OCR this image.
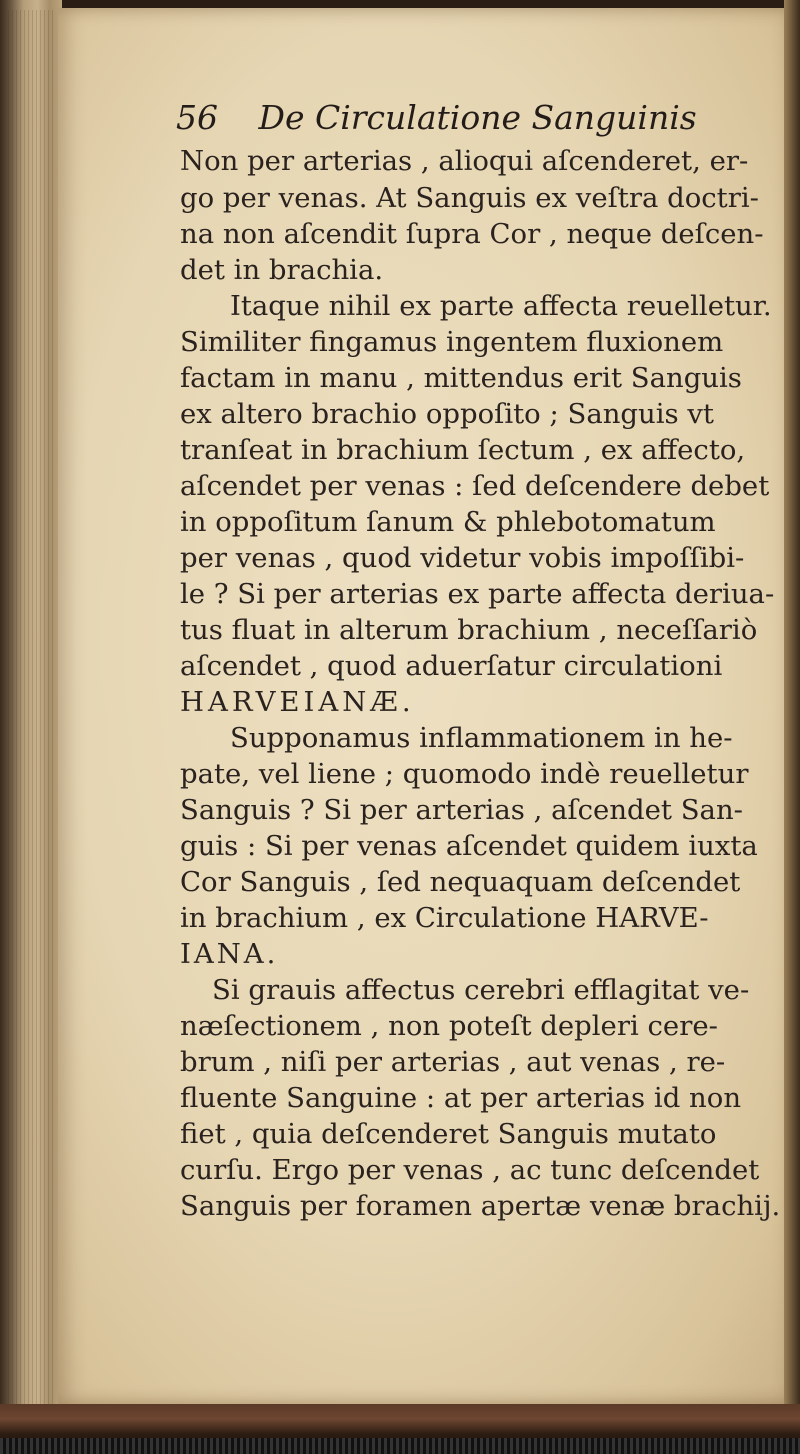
56 De Circulatione Sanguinis
Non per arterias , alioqui aſcenderet, er-
go per venas. At Sanguis ex veſtra doctri-
na non aſcendit ſupra Cor , neque deſcen-
det in brachia.
Itaque nihil ex parte affecta reuelletur.
Similiter fingamus ingentem fluxionem
factam in manu , mittendus erit Sanguis
ex altero brachio oppoſito ; Sanguis vt
tranſeat in brachium ſectum , ex affecto,
aſcendet per venas : ſed deſcendere debet
in oppoſitum ſanum & phlebotomatum
per venas , quod videtur vobis impoſſibi-
le ? Si per arterias ex parte affecta deriua-
tus fluat in alterum brachium , neceſſariò
aſcendet , quod aduerſatur circulationi
HARVEIANÆ.
Supponamus inflammationem in he-
pate, vel liene ; quomodo indè reuelletur
Sanguis ? Si per arterias , aſcendet San-
guis : Si per venas aſcendet quidem iuxta
Cor Sanguis , ſed nequaquam deſcendet
in brachium , ex Circulatione HARVE-
IANA.
Si grauis affectus cerebri efflagitat ve-
næſectionem , non poteſt depleri cere-
brum , niſi per arterias , aut venas , re-
fluente Sanguine : at per arterias id non
fiet , quia deſcenderet Sanguis mutato
curſu. Ergo per venas , ac tunc deſcendet
Sanguis per foramen apertæ venæ brachij.
